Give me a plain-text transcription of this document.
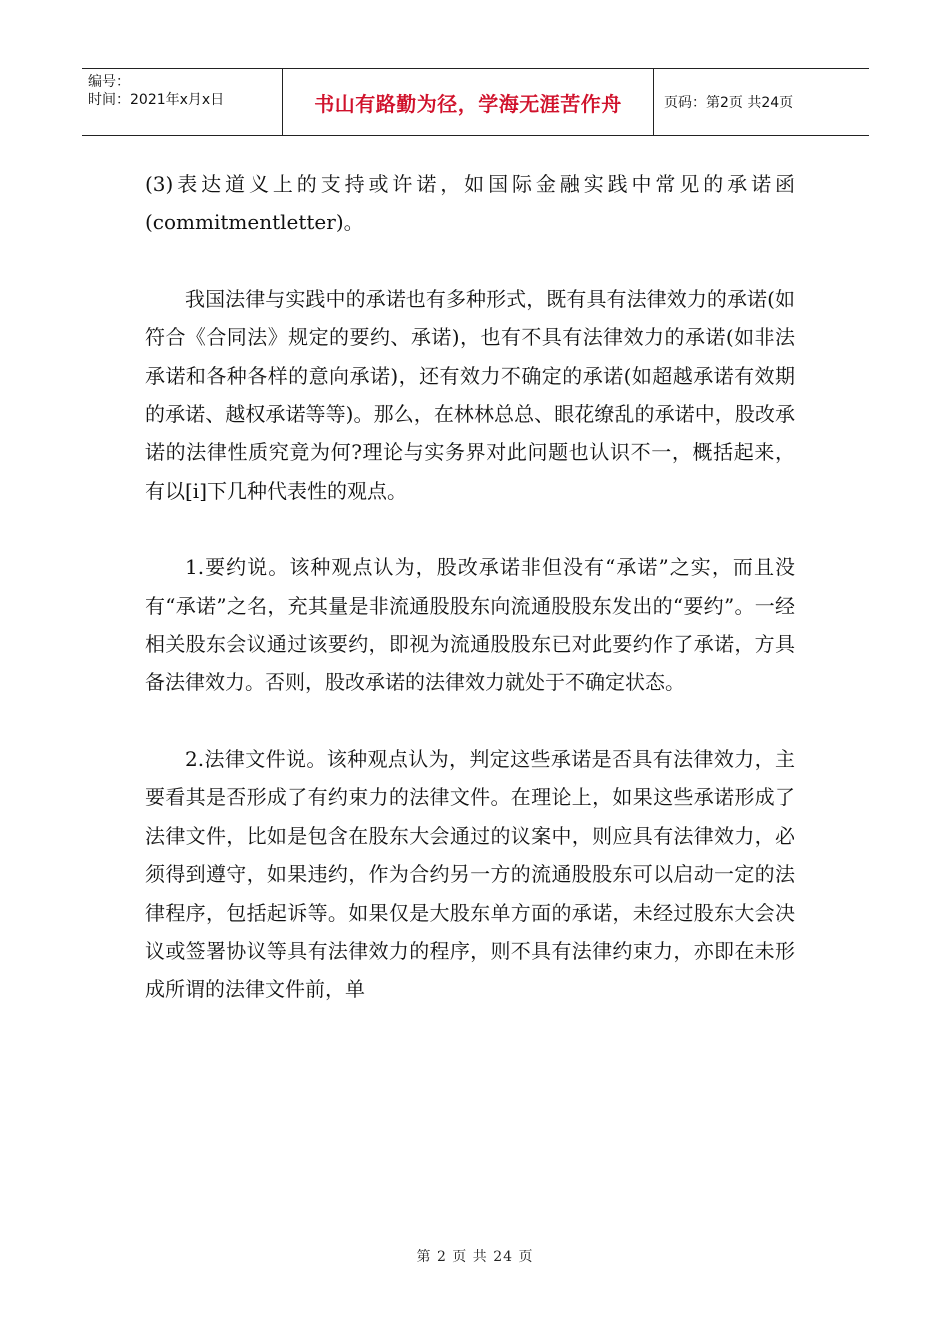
编号：
时间：2021年x月x日	书山有路勤为径，学海无涯苦作舟	页码：第2页 共24页

(3)表达道义上的支持或许诺，如国际金融实践中常见的承诺函(commitmentletter)。

我国法律与实践中的承诺也有多种形式，既有具有法律效力的承诺(如符合《合同法》规定的要约、承诺)，也有不具有法律效力的承诺(如非法承诺和各种各样的意向承诺)，还有效力不确定的承诺(如超越承诺有效期的承诺、越权承诺等等)。那么，在林林总总、眼花缭乱的承诺中，股改承诺的法律性质究竟为何?理论与实务界对此问题也认识不一，概括起来，有以[i]下几种代表性的观点。

1.要约说。该种观点认为，股改承诺非但没有“承诺”之实，而且没有“承诺”之名，充其量是非流通股股东向流通股股东发出的“要约”。一经相关股东会议通过该要约，即视为流通股股东已对此要约作了承诺，方具备法律效力。否则，股改承诺的法律效力就处于不确定状态。

2.法律文件说。该种观点认为，判定这些承诺是否具有法律效力，主要看其是否形成了有约束力的法律文件。在理论上，如果这些承诺形成了法律文件，比如是包含在股东大会通过的议案中，则应具有法律效力，必须得到遵守，如果违约，作为合约另一方的流通股股东可以启动一定的法律程序，包括起诉等。如果仅是大股东单方面的承诺，未经过股东大会决议或签署协议等具有法律效力的程序，则不具有法律约束力，亦即在未形成所谓的法律文件前，单

第 2 页 共 24 页
